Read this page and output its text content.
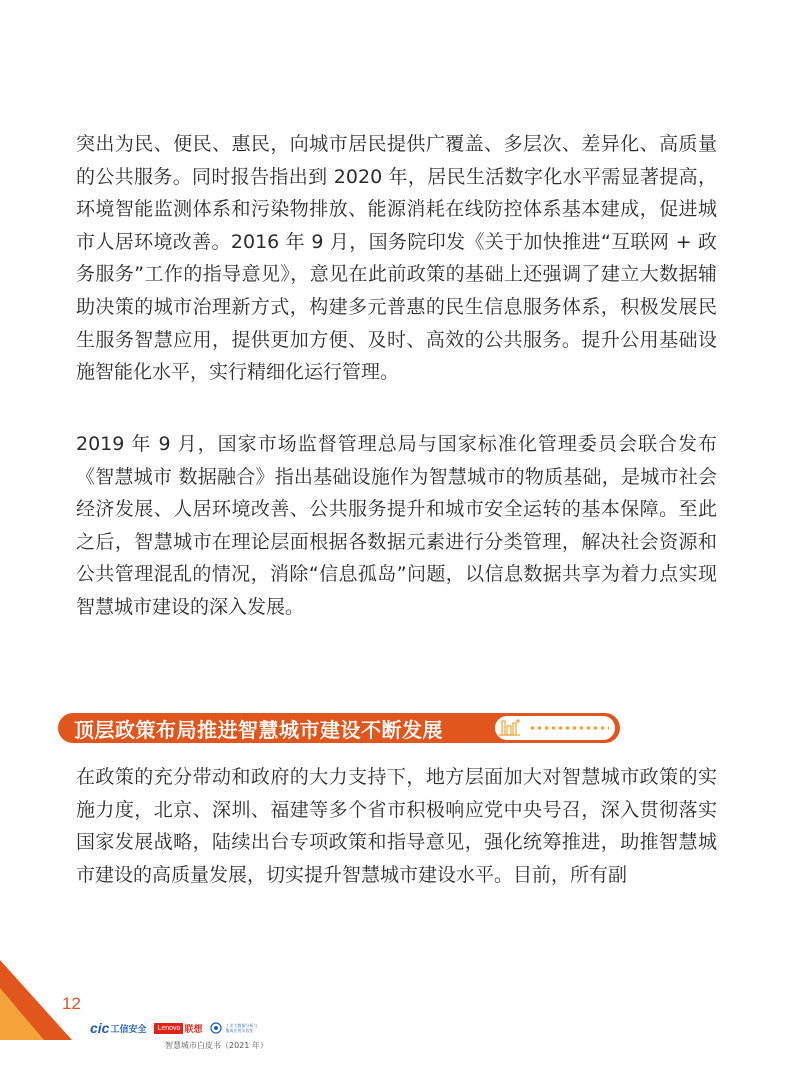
突出为民、便民、惠民，向城市居民提供广覆盖、多层次、差异化、高质量的公共服务。同时报告指出到 2020 年，居民生活数字化水平需显著提高，环境智能监测体系和污染物排放、能源消耗在线防控体系基本建成，促进城市人居环境改善。2016 年 9 月，国务院印发《关于加快推进“互联网 + 政务服务”工作的指导意见》，意见在此前政策的基础上还强调了建立大数据辅助决策的城市治理新方式，构建多元普惠的民生信息服务体系，积极发展民生服务智慧应用，提供更加方便、及时、高效的公共服务。提升公用基础设施智能化水平，实行精细化运行管理。

2019 年 9 月，国家市场监督管理总局与国家标准化管理委员会联合发布《智慧城市 数据融合》指出基础设施作为智慧城市的物质基础，是城市社会经济发展、人居环境改善、公共服务提升和城市安全运转的基本保障。至此之后，智慧城市在理论层面根据各数据元素进行分类管理，解决社会资源和公共管理混乱的情况，消除“信息孤岛”问题，以信息数据共享为着力点实现智慧城市建设的深入发展。

顶层政策布局推进智慧城市建设不断发展

在政策的充分带动和政府的大力支持下，地方层面加大对智慧城市政策的实施力度，北京、深圳、福建等多个省市积极响应党中央号召，深入贯彻落实国家发展战略，陆续出台专项政策和指导意见，强化统筹推进，助推智慧城市建设的高质量发展，切实提升智慧城市建设水平。目前，所有副

12
cic 工信安全	Lenovo 联想	工业大数据分析与
集成应用实验室
智慧城市白皮书（2021 年）
